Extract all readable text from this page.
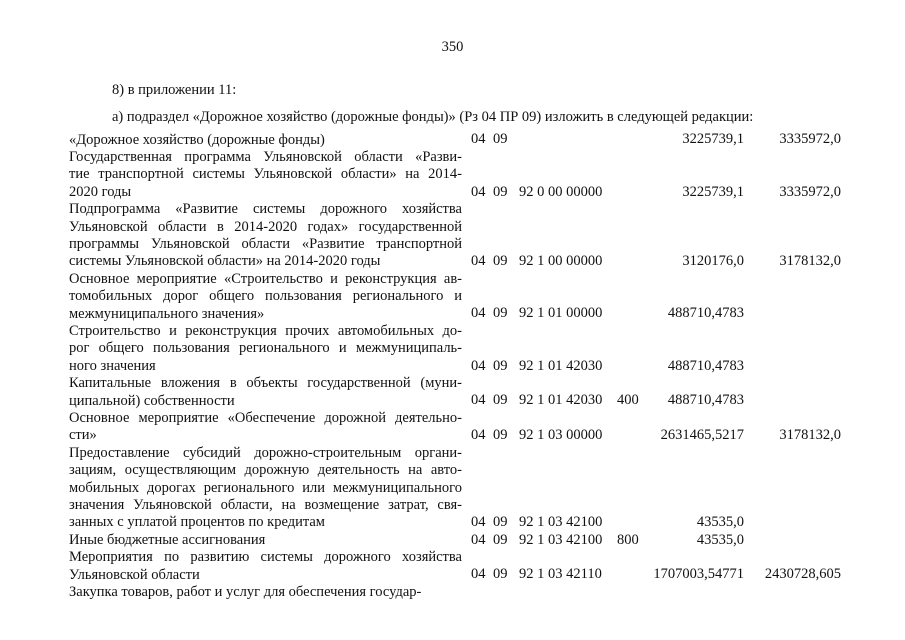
350
8) в приложении 11:
а) подраздел «Дорожное хозяйство (дорожные фонды)» (Рз 04 ПР 09) изложить в следующей редакции:
«Дорожное хозяйство (дорожные фонды)	04 09	3225739,1 3335972,0
Государственная программа Ульяновской области «Разви-
тие транспортной системы Ульяновской области» на 2014-
2020 годы	04 09 92 0 00 00000	3225739,1 3335972,0
Подпрограмма «Развитие системы дорожного хозяйства
Ульяновской области в 2014-2020 годах» государственной
программы Ульяновской области «Развитие транспортной
системы Ульяновской области» на 2014-2020 годы	04 09 92 1 00 00000	3120176,0 3178132,0
Основное мероприятие «Строительство и реконструкция ав-
томобильных дорог общего пользования регионального и
межмуниципального значения»	04 09 92 1 01 00000	488710,4783
Строительство и реконструкция прочих автомобильных до-
рог общего пользования регионального и межмуниципаль-
ного значения	04 09 92 1 01 42030	488710,4783
Капитальные вложения в объекты государственной (муни-
ципальной) собственности	04 09 92 1 01 42030 400 488710,4783
Основное мероприятие «Обеспечение дорожной деятельно-
сти»	04 09 92 1 03 00000	2631465,5217 3178132,0
Предоставление субсидий дорожно-строительным органи-
зациям, осуществляющим дорожную деятельность на авто-
мобильных дорогах регионального или межмуниципального
значения Ульяновской области, на возмещение затрат, свя-
занных с уплатой процентов по кредитам	04 09 92 1 03 42100	43535,0
Иные бюджетные ассигнования	04 09 92 1 03 42100 800	43535,0
Мероприятия по развитию системы дорожного хозяйства
Ульяновской области	04 09 92 1 03 42110	1707003,54771 2430728,605
Закупка товаров, работ и услуг для обеспечения государ-
